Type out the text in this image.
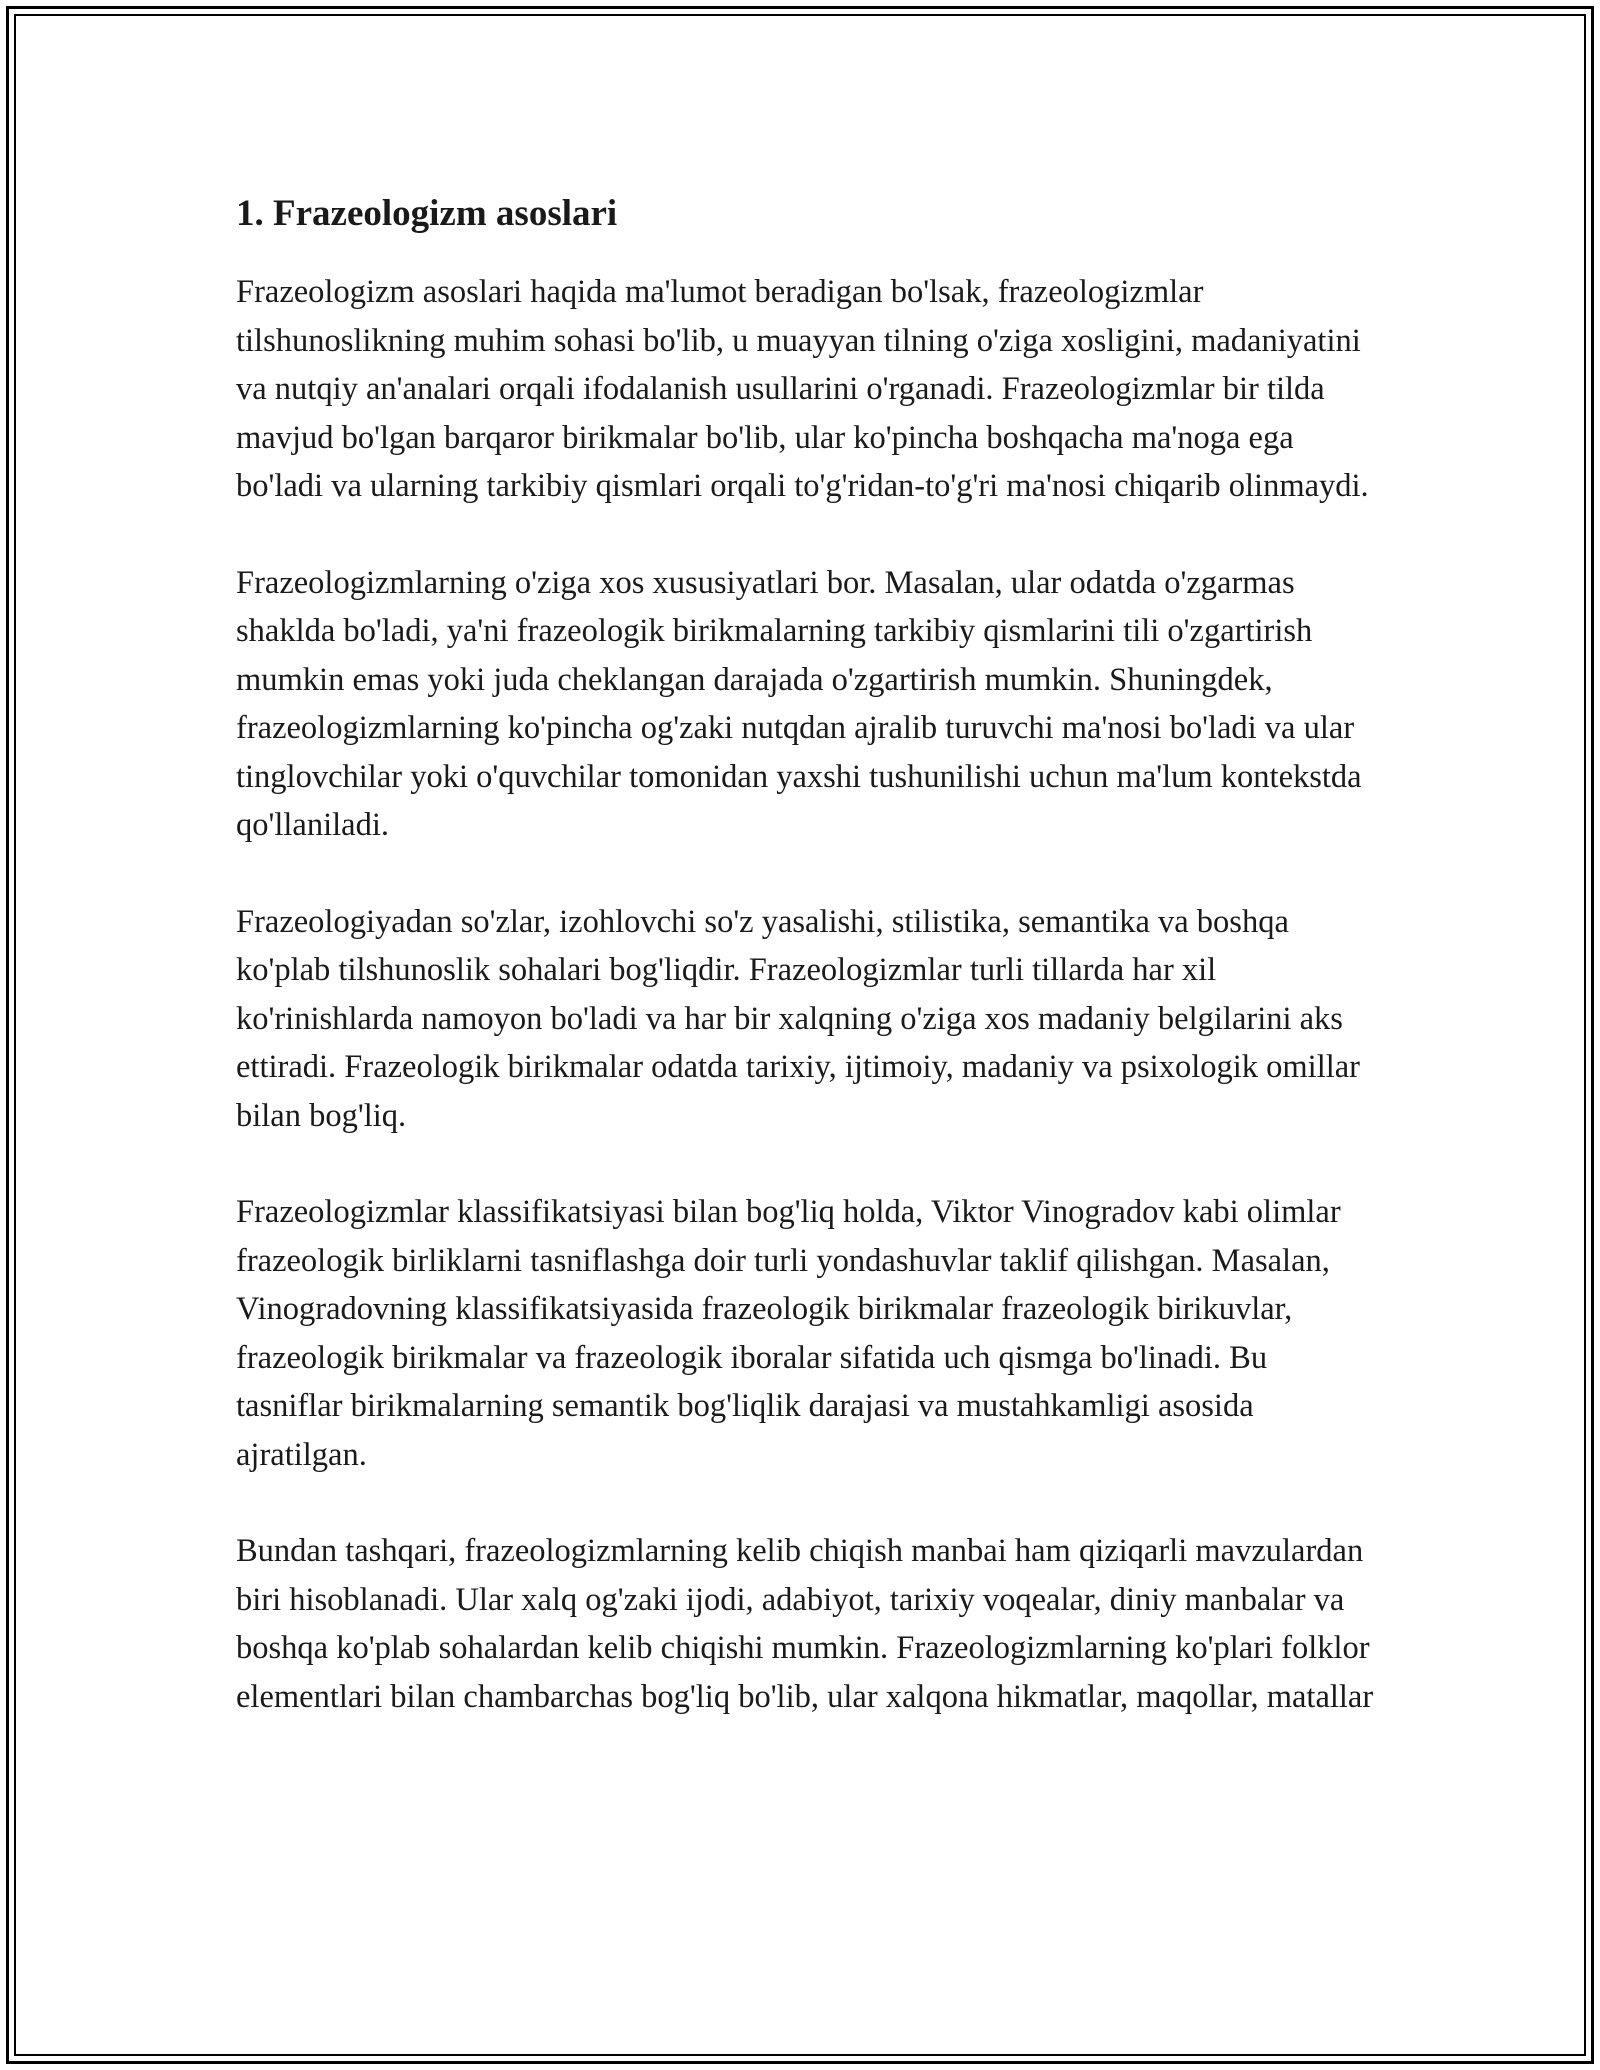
1. Frazeologizm asoslari

Frazeologizm asoslari haqida ma'lumot beradigan bo'lsak, frazeologizmlar tilshunoslikning muhim sohasi bo'lib, u muayyan tilning o'ziga xosligini, madaniyatini va nutqiy an'analari orqali ifodalanish usullarini o'rganadi. Frazeologizmlar bir tilda mavjud bo'lgan barqaror birikmalar bo'lib, ular ko'pincha boshqacha ma'noga ega bo'ladi va ularning tarkibiy qismlari orqali to'g'ridan-to'g'ri ma'nosi chiqarib olinmaydi.

Frazeologizmlarning o'ziga xos xususiyatlari bor. Masalan, ular odatda o'zgarmas shaklda bo'ladi, ya'ni frazeologik birikmalarning tarkibiy qismlarini tili o'zgartirish mumkin emas yoki juda cheklangan darajada o'zgartirish mumkin. Shuningdek, frazeologizmlarning ko'pincha og'zaki nutqdan ajralib turuvchi ma'nosi bo'ladi va ular tinglovchilar yoki o'quvchilar tomonidan yaxshi tushunilishi uchun ma'lum kontekstda qo'llaniladi.

Frazeologiyadan so'zlar, izohlovchi so'z yasalishi, stilistika, semantika va boshqa ko'plab tilshunoslik sohalari bog'liqdir. Frazeologizmlar turli tillarda har xil ko'rinishlarda namoyon bo'ladi va har bir xalqning o'ziga xos madaniy belgilarini aks ettiradi. Frazeologik birikmalar odatda tarixiy, ijtimoiy, madaniy va psixologik omillar bilan bog'liq.

Frazeologizmlar klassifikatsiyasi bilan bog'liq holda, Viktor Vinogradov kabi olimlar frazeologik birliklarni tasniflashga doir turli yondashuvlar taklif qilishgan. Masalan, Vinogradovning klassifikatsiyasida frazeologik birikmalar frazeologik birikuvlar, frazeologik birikmalar va frazeologik iboralar sifatida uch qismga bo'linadi. Bu tasniflar birikmalarning semantik bog'liqlik darajasi va mustahkamligi asosida ajratilgan.

Bundan tashqari, frazeologizmlarning kelib chiqish manbai ham qiziqarli mavzulardan biri hisoblanadi. Ular xalq og'zaki ijodi, adabiyot, tarixiy voqealar, diniy manbalar va boshqa ko'plab sohalardan kelib chiqishi mumkin. Frazeologizmlarning ko'plari folklor elementlari bilan chambarchas bog'liq bo'lib, ular xalqona hikmatlar, maqollar, matallar
